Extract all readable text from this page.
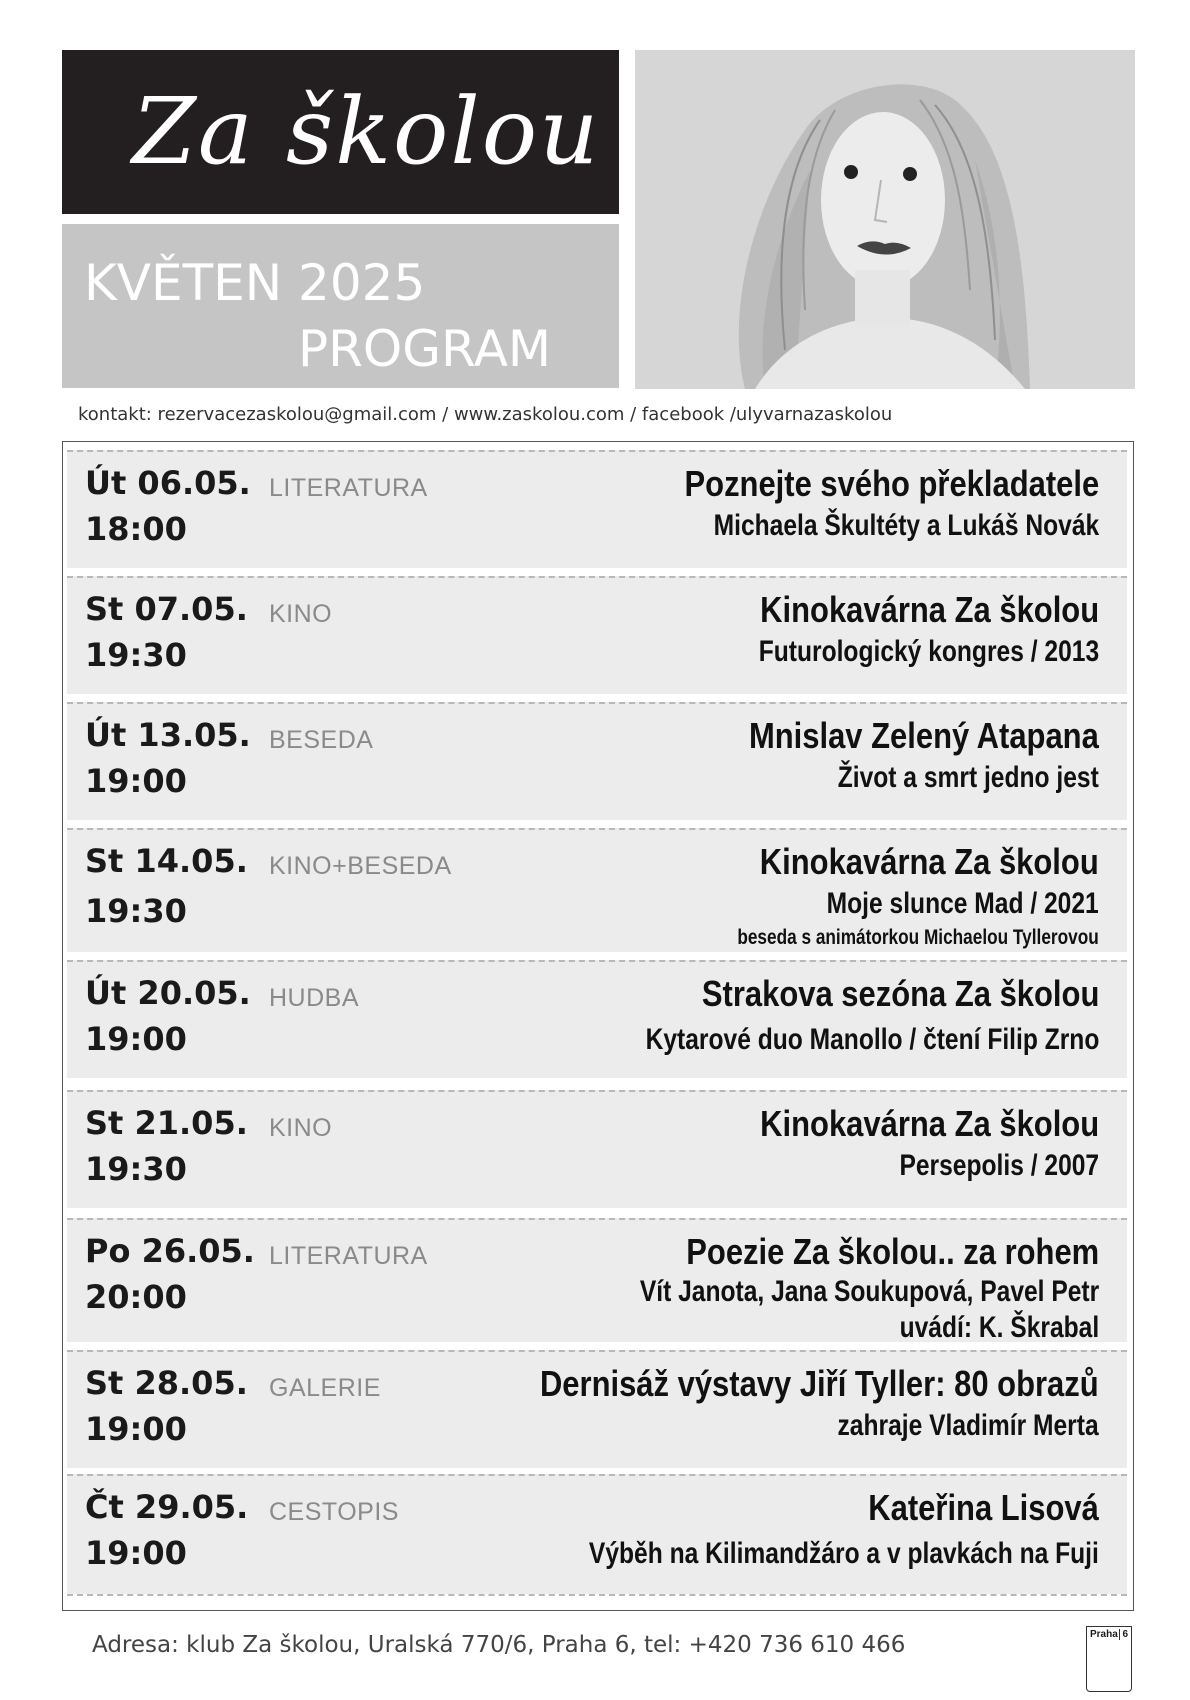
Za školou
KVĚTEN 2025
PROGRAM
kontakt: rezervacezaskolou@gmail.com / www.zaskolou.com / facebook /ulyvarnazaskolou
Út 06.05.
18:00
LITERATURA	Poznejte svého překladatele
Michaela Škultéty a Lukáš Novák
St 07.05.
19:30
KINO	Kinokavárna Za školou
Futurologický kongres / 2013
Út 13.05.
19:00
BESEDA	Mnislav Zelený Atapana
Život a smrt jedno jest
St 14.05.
19:30
KINO+BESEDA	Kinokavárna Za školou
Moje slunce Mad / 2021
beseda s animátorkou Michaelou Tyllerovou
Út 20.05.
19:00
HUDBA	Strakova sezóna Za školou
Kytarové duo Manollo / čtení Filip Zrno
St 21.05.
19:30
KINO	Kinokavárna Za školou
Persepolis / 2007
Po 26.05.
20:00
LITERATURA	Poezie Za školou.. za rohem
Vít Janota, Jana Soukupová, Pavel Petr
uvádí: K. Škrabal
St 28.05.
19:00
GALERIE	Dernisáž výstavy Jiří Tyller: 80 obrazů
zahraje Vladimír Merta
Čt 29.05.
19:00
CESTOPIS	Kateřina Lisová
Výběh na Kilimandžáro a v plavkách na Fuji
Adresa: klub Za školou, Uralská 770/6, Praha 6, tel: +420 736 610 466	Praha 6
